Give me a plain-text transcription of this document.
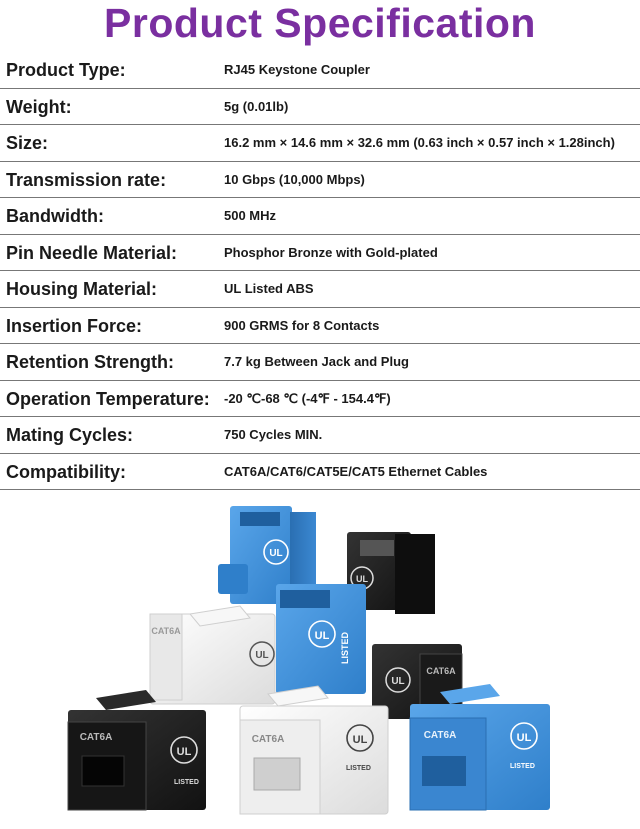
Product Specification
Product Type:	RJ45 Keystone Coupler
Weight:	5g (0.01lb)
Size:	16.2 mm × 14.6 mm × 32.6 mm (0.63 inch × 0.57 inch × 1.28inch)
Transmission rate:	10 Gbps (10,000 Mbps)
Bandwidth:	500 MHz
Pin Needle Material:	Phosphor Bronze with Gold-plated
Housing Material:	UL Listed ABS
Insertion Force:	900 GRMS for 8 Contacts
Retention Strength:	7.7 kg Between Jack and Plug
Operation Temperature: -20 ℃-68 ℃ (-4℉ - 154.4℉)
Mating Cycles:	750 Cycles MIN.
Compatibility:	CAT6A/CAT6/CAT5E/CAT5 Ethernet Cables
UL
UL
CAT6A
UL
UL LISTED
CAT6A
UL
CAT6A
UL
LISTED
CAT6A	UL
LISTED
CAT6A	UL
LISTED
